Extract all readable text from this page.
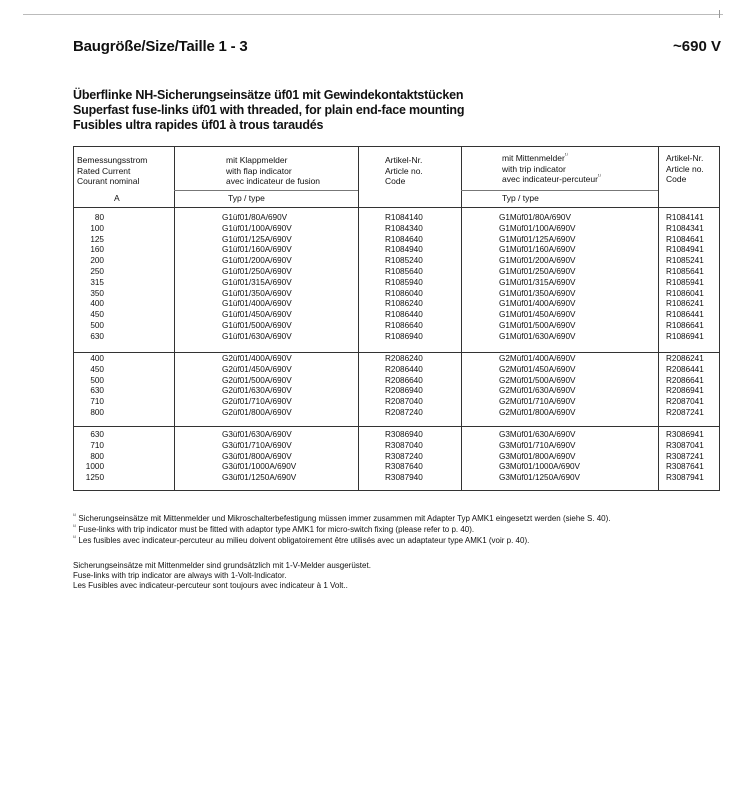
Baugröße/Size/Taille 1 - 3	~690 V
Überflinke NH-Sicherungseinsätze üf01 mit Gewindekontaktstücken
Superfast fuse-links üf01 with threaded, for plain end-face mounting
Fusibles ultra rapides üf01 à trous taraudés
Bemessungsstrom
Rated Current
Courant nominal
A
mit Klappmelder
with flap indicator
avec indicateur de fusion
Typ / type
Artikel-Nr.
Article no.
Code
mit Mittenmelder$^{^{1)}}$
with trip indicator
avec indicateur-percuteur$^{^{1)}}$
Typ / type
Artikel-Nr.
Article no.
Code
80	G1üf01/80A/690V	R1084140	G1Müf01/80A/690V	R1084141
100	G1üf01/100A/690V	R1084340	G1Müf01/100A/690V	R1084341
125	G1üf01/125A/690V	R1084640	G1Müf01/125A/690V	R1084641
160	G1üf01/160A/690V	R1084940	G1Müf01/160A/690V	R1084941
200	G1üf01/200A/690V	R1085240	G1Müf01/200A/690V	R1085241
250	G1üf01/250A/690V	R1085640	G1Müf01/250A/690V	R1085641
315	G1üf01/315A/690V	R1085940	G1Müf01/315A/690V	R1085941
350	G1üf01/350A/690V	R1086040	G1Müf01/350A/690V	R1086041
400	G1üf01/400A/690V	R1086240	G1Müf01/400A/690V	R1086241
450	G1üf01/450A/690V	R1086440	G1Müf01/450A/690V	R1086441
500	G1üf01/500A/690V	R1086640	G1Müf01/500A/690V	R1086641
630	G1üf01/630A/690V	R1086940	G1Müf01/630A/690V	R1086941
400	G2üf01/400A/690V	R2086240	G2Müf01/400A/690V	R2086241
450	G2üf01/450A/690V	R2086440	G2Müf01/450A/690V	R2086441
500	G2üf01/500A/690V	R2086640	G2Müf01/500A/690V	R2086641
630	G2üf01/630A/690V	R2086940	G2Müf01/630A/690V	R2086941
710	G2üf01/710A/690V	R2087040	G2Müf01/710A/690V	R2087041
800	G2üf01/800A/690V	R2087240	G2Müf01/800A/690V	R2087241
630	G3üf01/630A/690V	R3086940	G3Müf01/630A/690V	R3086941
710	G3üf01/710A/690V	R3087040	G3Müf01/710A/690V	R3087041
800	G3üf01/800A/690V	R3087240	G3Müf01/800A/690V	R3087241
1000	G3üf01/1000A/690V	R3087640	G3Müf01/1000A/690V	R3087641
1250	G3üf01/1250A/690V	R3087940	G3Müf01/1250A/690V	R3087941
$^{^{1)}}$ Sicherungseinsätze mit Mittenmelder und Mikroschalterbefestigung müssen immer zusammen mit Adapter Typ AMK1 eingesetzt werden (siehe S. 40).
$^{^{1)}}$ Fuse-links with trip indicator must be fitted with adaptor type AMK1 for micro-switch fixing (please refer to p. 40).
$^{^{1)}}$ Les fusibles avec indicateur-percuteur au milieu doivent obligatoirement être utilisés avec un adaptateur type AMK1 (voir p. 40).
Sicherungseinsätze mit Mittenmelder sind grundsätzlich mit 1-V-Melder ausgerüstet.
Fuse-links with trip indicator are always with 1-Volt-Indicator.
Les Fusibles avec indicateur-percuteur sont toujours avec indicateur à 1 Volt..
